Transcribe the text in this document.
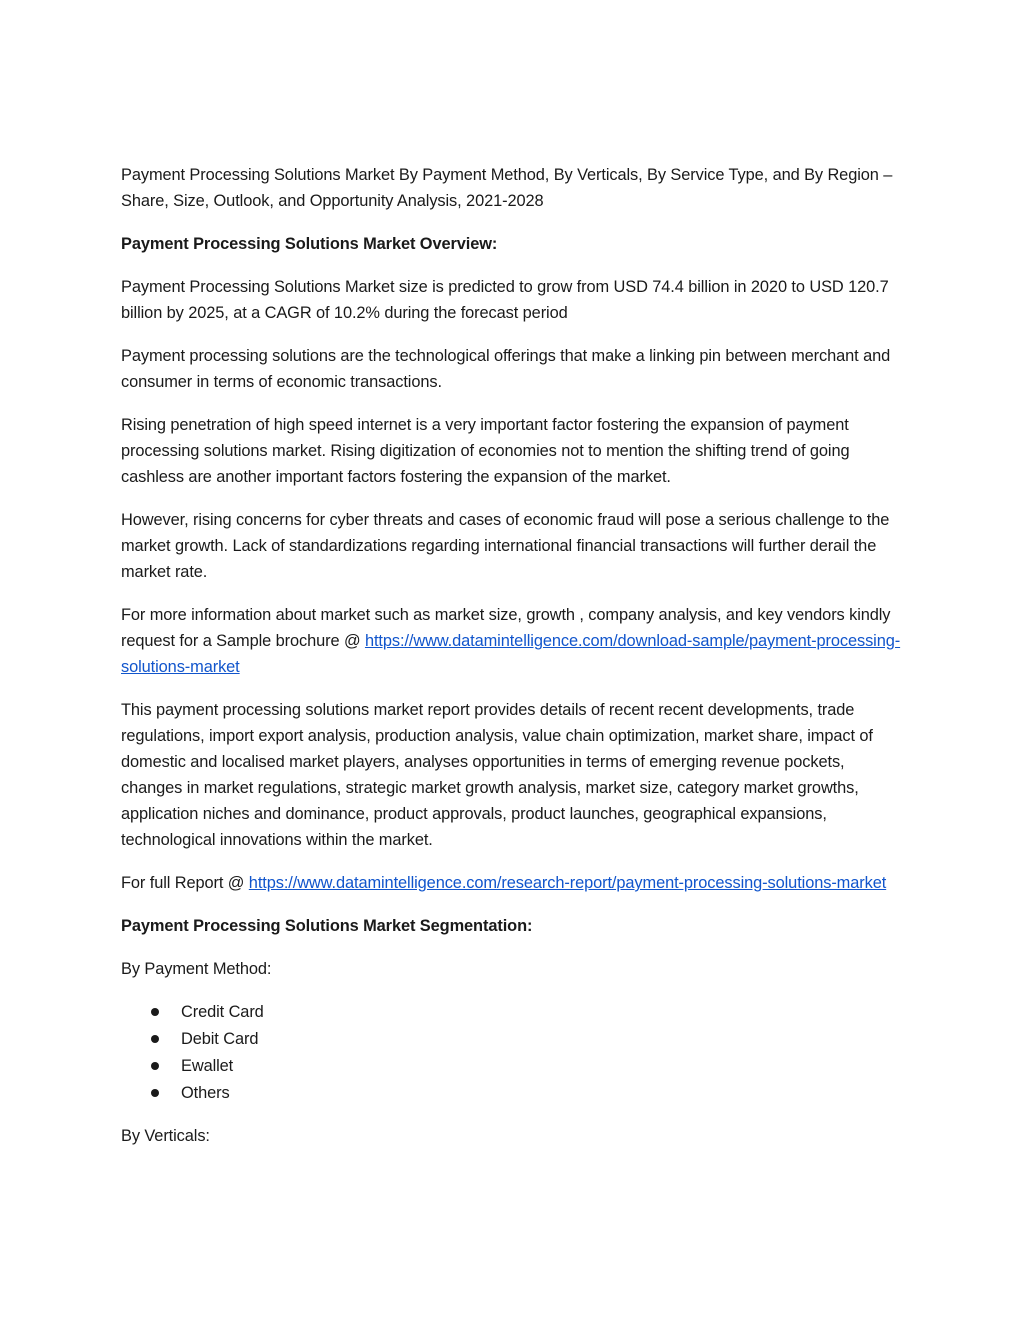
Payment Processing Solutions Market By Payment Method, By Verticals, By Service Type, and By Region – Share, Size, Outlook, and Opportunity Analysis, 2021-2028

Payment Processing Solutions Market Overview:

Payment Processing Solutions Market size is predicted to grow from USD 74.4 billion in 2020 to USD 120.7 billion by 2025, at a CAGR of 10.2% during the forecast period

Payment processing solutions are the technological offerings that make a linking pin between merchant and consumer in terms of economic transactions.

Rising penetration of high speed internet is a very important factor fostering the expansion of payment processing solutions market. Rising digitization of economies not to mention the shifting trend of going cashless are another important factors fostering the expansion of the market.

However, rising concerns for cyber threats and cases of economic fraud will pose a serious challenge to the market growth. Lack of standardizations regarding international financial transactions will further derail the market rate.

For more information about market such as market size, growth , company analysis, and key vendors kindly request for a Sample brochure @ https://www.datamintelligence.com/download-sample/payment-processing-solutions-market

This payment processing solutions market report provides details of recent recent developments, trade regulations, import export analysis, production analysis, value chain optimization, market share, impact of domestic and localised market players, analyses opportunities in terms of emerging revenue pockets, changes in market regulations, strategic market growth analysis, market size, category market growths, application niches and dominance, product approvals, product launches, geographical expansions, technological innovations within the market.

For full Report @ https://www.datamintelligence.com/research-report/payment-processing-solutions-market

Payment Processing Solutions Market Segmentation:

By Payment Method:

Credit Card
Debit Card
Ewallet
Others

By Verticals:
